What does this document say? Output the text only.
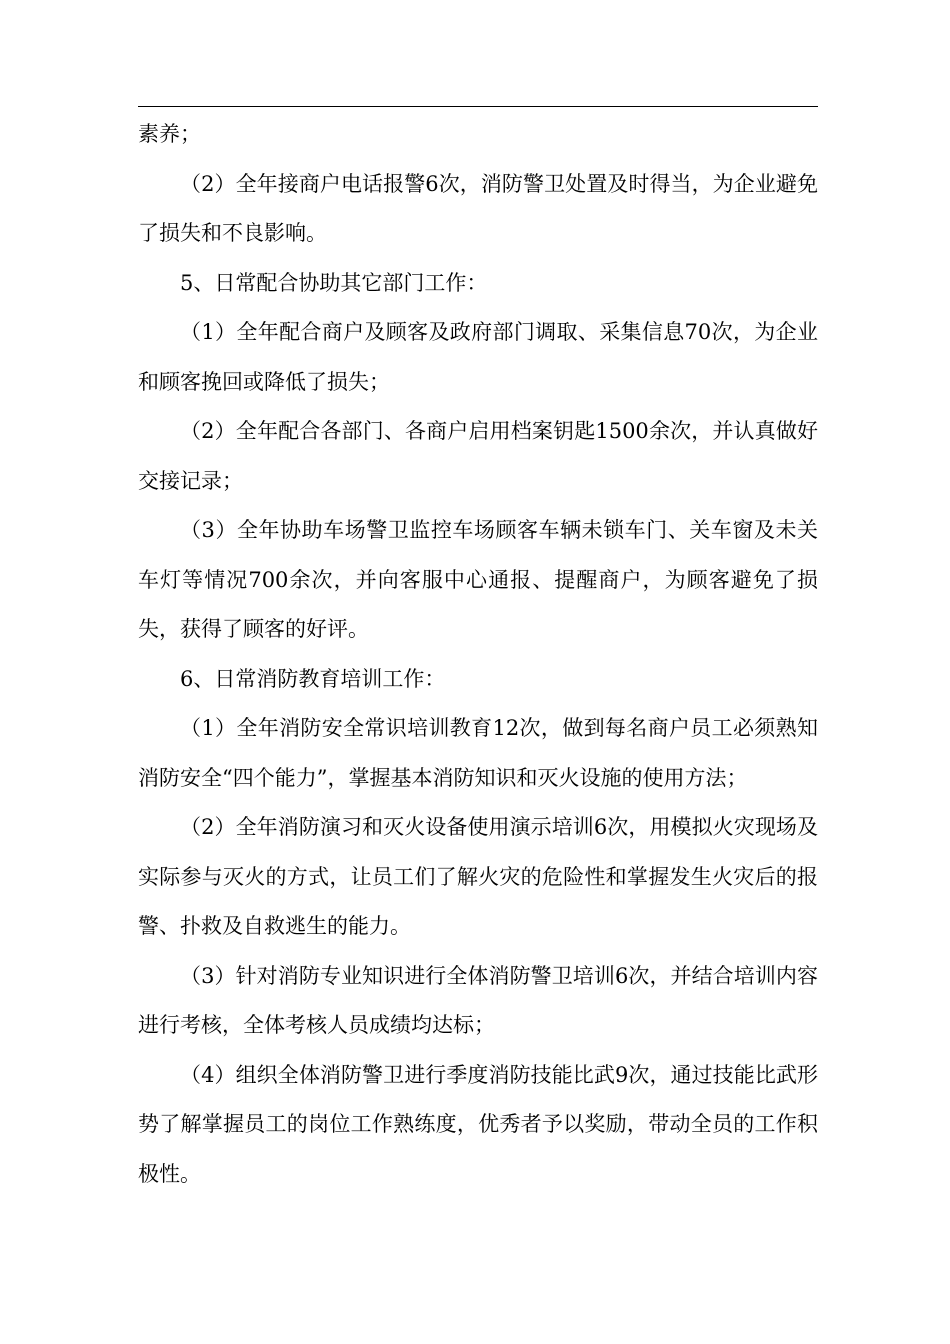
素养；

（2）全年接商户电话报警6次，消防警卫处置及时得当，为企业避免了损失和不良影响。

5、日常配合协助其它部门工作：

（1）全年配合商户及顾客及政府部门调取、采集信息70次，为企业和顾客挽回或降低了损失；

（2）全年配合各部门、各商户启用档案钥匙1500余次，并认真做好交接记录；

（3）全年协助车场警卫监控车场顾客车辆未锁车门、关车窗及未关车灯等情况700余次，并向客服中心通报、提醒商户，为顾客避免了损失，获得了顾客的好评。

6、日常消防教育培训工作：

（1）全年消防安全常识培训教育12次，做到每名商户员工必须熟知消防安全“四个能力”，掌握基本消防知识和灭火设施的使用方法；

（2）全年消防演习和灭火设备使用演示培训6次，用模拟火灾现场及实际参与灭火的方式，让员工们了解火灾的危险性和掌握发生火灾后的报警、扑救及自救逃生的能力。

（3）针对消防专业知识进行全体消防警卫培训6次，并结合培训内容进行考核，全体考核人员成绩均达标；

（4）组织全体消防警卫进行季度消防技能比武9次，通过技能比武形势了解掌握员工的岗位工作熟练度，优秀者予以奖励，带动全员的工作积极性。
